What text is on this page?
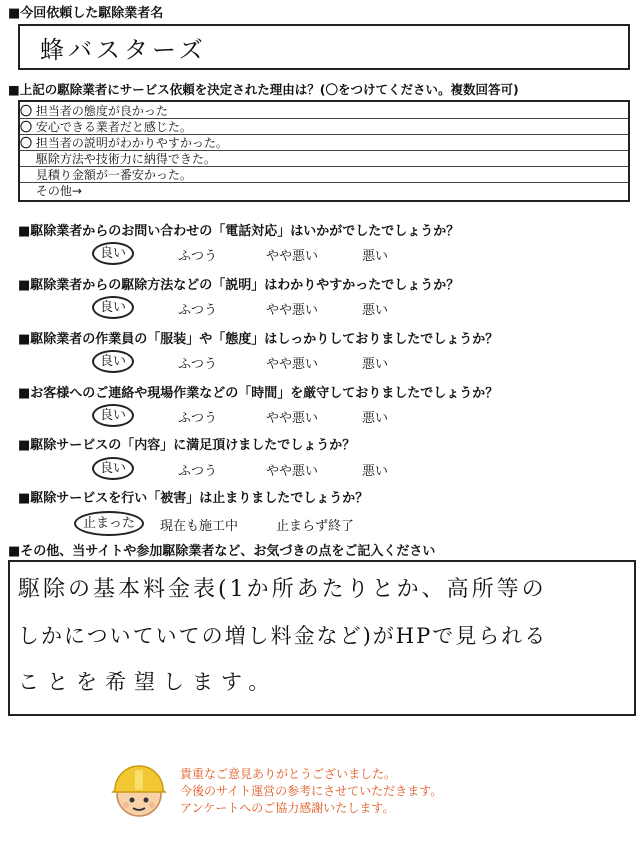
■今回依頼した駆除業者名
蜂バスターズ
■上記の駆除業者にサービス依頼を決定された理由は？(〇をつけてください。複数回答可)
〇 担当者の態度が良かった
〇 安心できる業者だと感じた。
〇 担当者の説明がわかりやすかった。
駆除方法や技術力に納得できた。
見積り金額が一番安かった。
その他→
■駆除業者からのお問い合わせの「電話対応」はいかがでしたでしょうか？
良い	ふつう	やや悪い	悪い
■駆除業者からの駆除方法などの「説明」はわかりやすかったでしょうか？
良い	ふつう	やや悪い	悪い
■駆除業者の作業員の「服装」や「態度」はしっかりしておりましたでしょうか？
良い	ふつう	やや悪い	悪い
■お客様へのご連絡や現場作業などの「時間」を厳守しておりましたでしょうか？
良い	ふつう	やや悪い	悪い
■駆除サービスの「内容」に満足頂けましたでしょうか？
良い	ふつう	やや悪い	悪い
■駆除サービスを行い「被害」は止まりましたでしょうか？
止まった	現在も施工中	止まらず終了
■その他、当サイトや参加駆除業者など、お気づきの点をご記入ください
駆除の基本料金表(1か所あたりとか、高所等の
しかについていての増し料金など)がHPで見られる
ことを希望します。
貴重なご意見ありがとうございました。
今後のサイト運営の参考にさせていただきます。
アンケートへのご協力感謝いたします。
